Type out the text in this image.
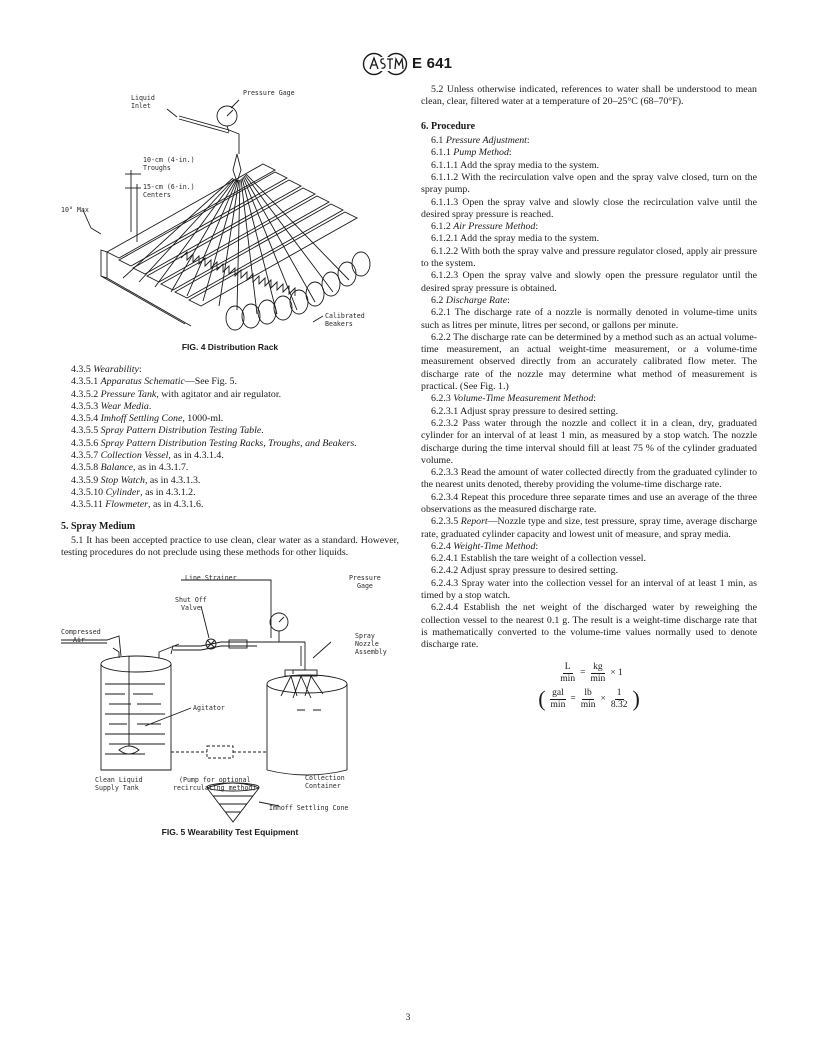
E 641
Liquid
Inlet
Pressure Gage
10-cm (4-in.)
Troughs
15-cm (6-in.)
Centers
10° Max
Calibrated
Beakers
FIG. 4 Distribution Rack

4.3.5 Wearability:

4.3.5.1 Apparatus Schematic—See Fig. 5.

4.3.5.2 Pressure Tank, with agitator and air regulator.

4.3.5.3 Wear Media.

4.3.5.4 Imhoff Settling Cone, 1000-ml.

4.3.5.5 Spray Pattern Distribution Testing Table.

4.3.5.6 Spray Pattern Distribution Testing Racks, Troughs, and Beakers.

4.3.5.7 Collection Vessel, as in 4.3.1.4.

4.3.5.8 Balance, as in 4.3.1.7.

4.3.5.9 Stop Watch, as in 4.3.1.3.

4.3.5.10 Cylinder, as in 4.3.1.2.

4.3.5.11 Flowmeter, as in 4.3.1.6.

5. Spray Medium

5.1 It has been accepted practice to use clean, clear water as a standard. However, testing procedures do not preclude using these methods for other liquids.

Line Strainer	Pressure
Gage
Shut Off
Valve
Compressed
Air	Spray
Nozzle
Assembly
Agitator
Clean Liquid
Supply Tank
(Pump for optional
recirculating method)
Collection
Container
Imhoff Settling Cone
FIG. 5 Wearability Test Equipment

5.2 Unless otherwise indicated, references to water shall be understood to mean clean, clear, filtered water at a temperature of 20–25°C (68–70°F).

6. Procedure

6.1 Pressure Adjustment:

6.1.1 Pump Method:

6.1.1.1 Add the spray media to the system.

6.1.1.2 With the recirculation valve open and the spray valve closed, turn on the spray pump.

6.1.1.3 Open the spray valve and slowly close the recirculation valve until the desired spray pressure is reached.

6.1.2 Air Pressure Method:

6.1.2.1 Add the spray media to the system.

6.1.2.2 With both the spray valve and pressure regulator closed, apply air pressure to the system.

6.1.2.3 Open the spray valve and slowly open the pressure regulator until the desired spray pressure is obtained.

6.2 Discharge Rate:

6.2.1 The discharge rate of a nozzle is normally denoted in volume-time units such as litres per minute, litres per second, or gallons per minute.

6.2.2 The discharge rate can be determined by a method such as an actual volume-time measurement, an actual weight-time measurement, or a volume-time measurement observed directly from an accurately calibrated flow meter. The discharge rate of the nozzle may determine what method of measurement is practical. (See Fig. 1.)

6.2.3 Volume-Time Measurement Method:

6.2.3.1 Adjust spray pressure to desired setting.

6.2.3.2 Pass water through the nozzle and collect it in a clean, dry, graduated cylinder for an interval of at least 1 min, as measured by a stop watch. The nozzle discharge during the time interval should fill at least 75 % of the cylinder graduated volume.

6.2.3.3 Read the amount of water collected directly from the graduated cylinder to the nearest units denoted, thereby providing the volume-time discharge rate.

6.2.3.4 Repeat this procedure three separate times and use an average of the three observations as the measured discharge rate.

6.2.3.5 Report—Nozzle type and size, test pressure, spray time, average discharge rate, graduated cylinder capacity and lowest unit of measure, and spray media.

6.2.4 Weight-Time Method:

6.2.4.1 Establish the tare weight of a collection vessel.

6.2.4.2 Adjust spray pressure to desired setting.

6.2.4.3 Spray water into the collection vessel for an interval of at least 1 min, as timed by a stop watch.

6.2.4.4 Establish the net weight of the discharged water by reweighing the collection vessel to the nearest 0.1 g. The result is a weight-time discharge rate that is mathematically converted to the volume-time values normally used to denote discharge rate.

$\frac{L}{\min} = \frac{kg}{\min} \times 1$
( $\frac{\text{gal}}{\min} = \frac{lb}{\min} \times \frac{1}{8.32}$ )
3
